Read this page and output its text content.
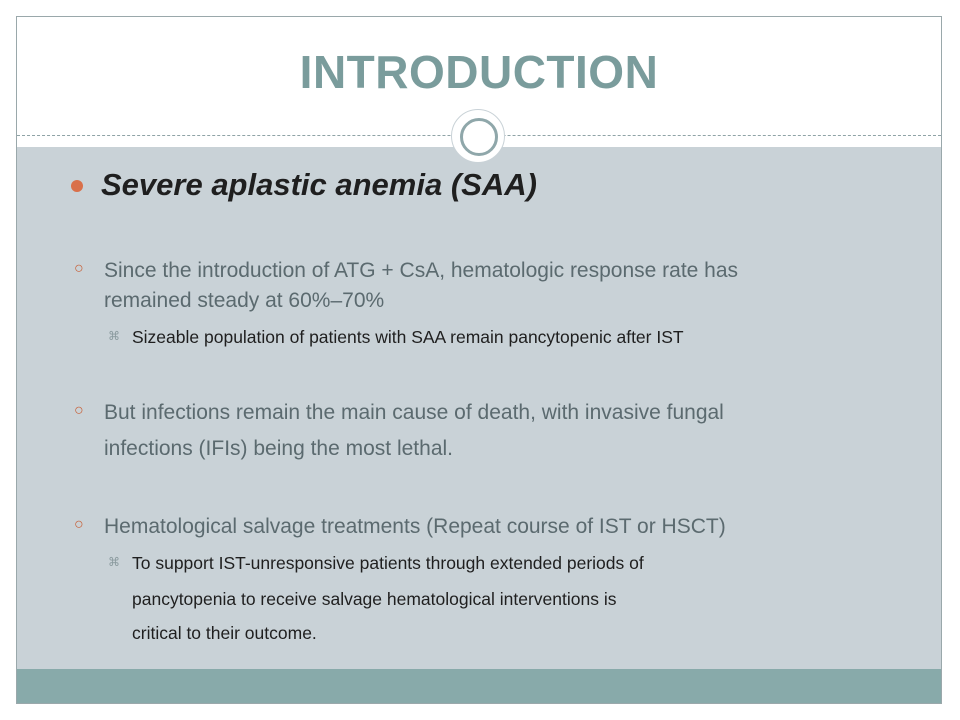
INTRODUCTION
Severe aplastic anemia (SAA)
○ Since the introduction of ATG + CsA, hematologic response rate has
remained steady at 60%–70%
⌘ Sizeable population of patients with SAA remain pancytopenic after IST
○ But infections remain the main cause of death, with invasive fungal
infections (IFIs) being the most lethal.
○ Hematological salvage treatments (Repeat course of IST or HSCT)
⌘ To support IST-unresponsive patients through extended periods of
pancytopenia to receive salvage hematological interventions is
critical to their outcome.
